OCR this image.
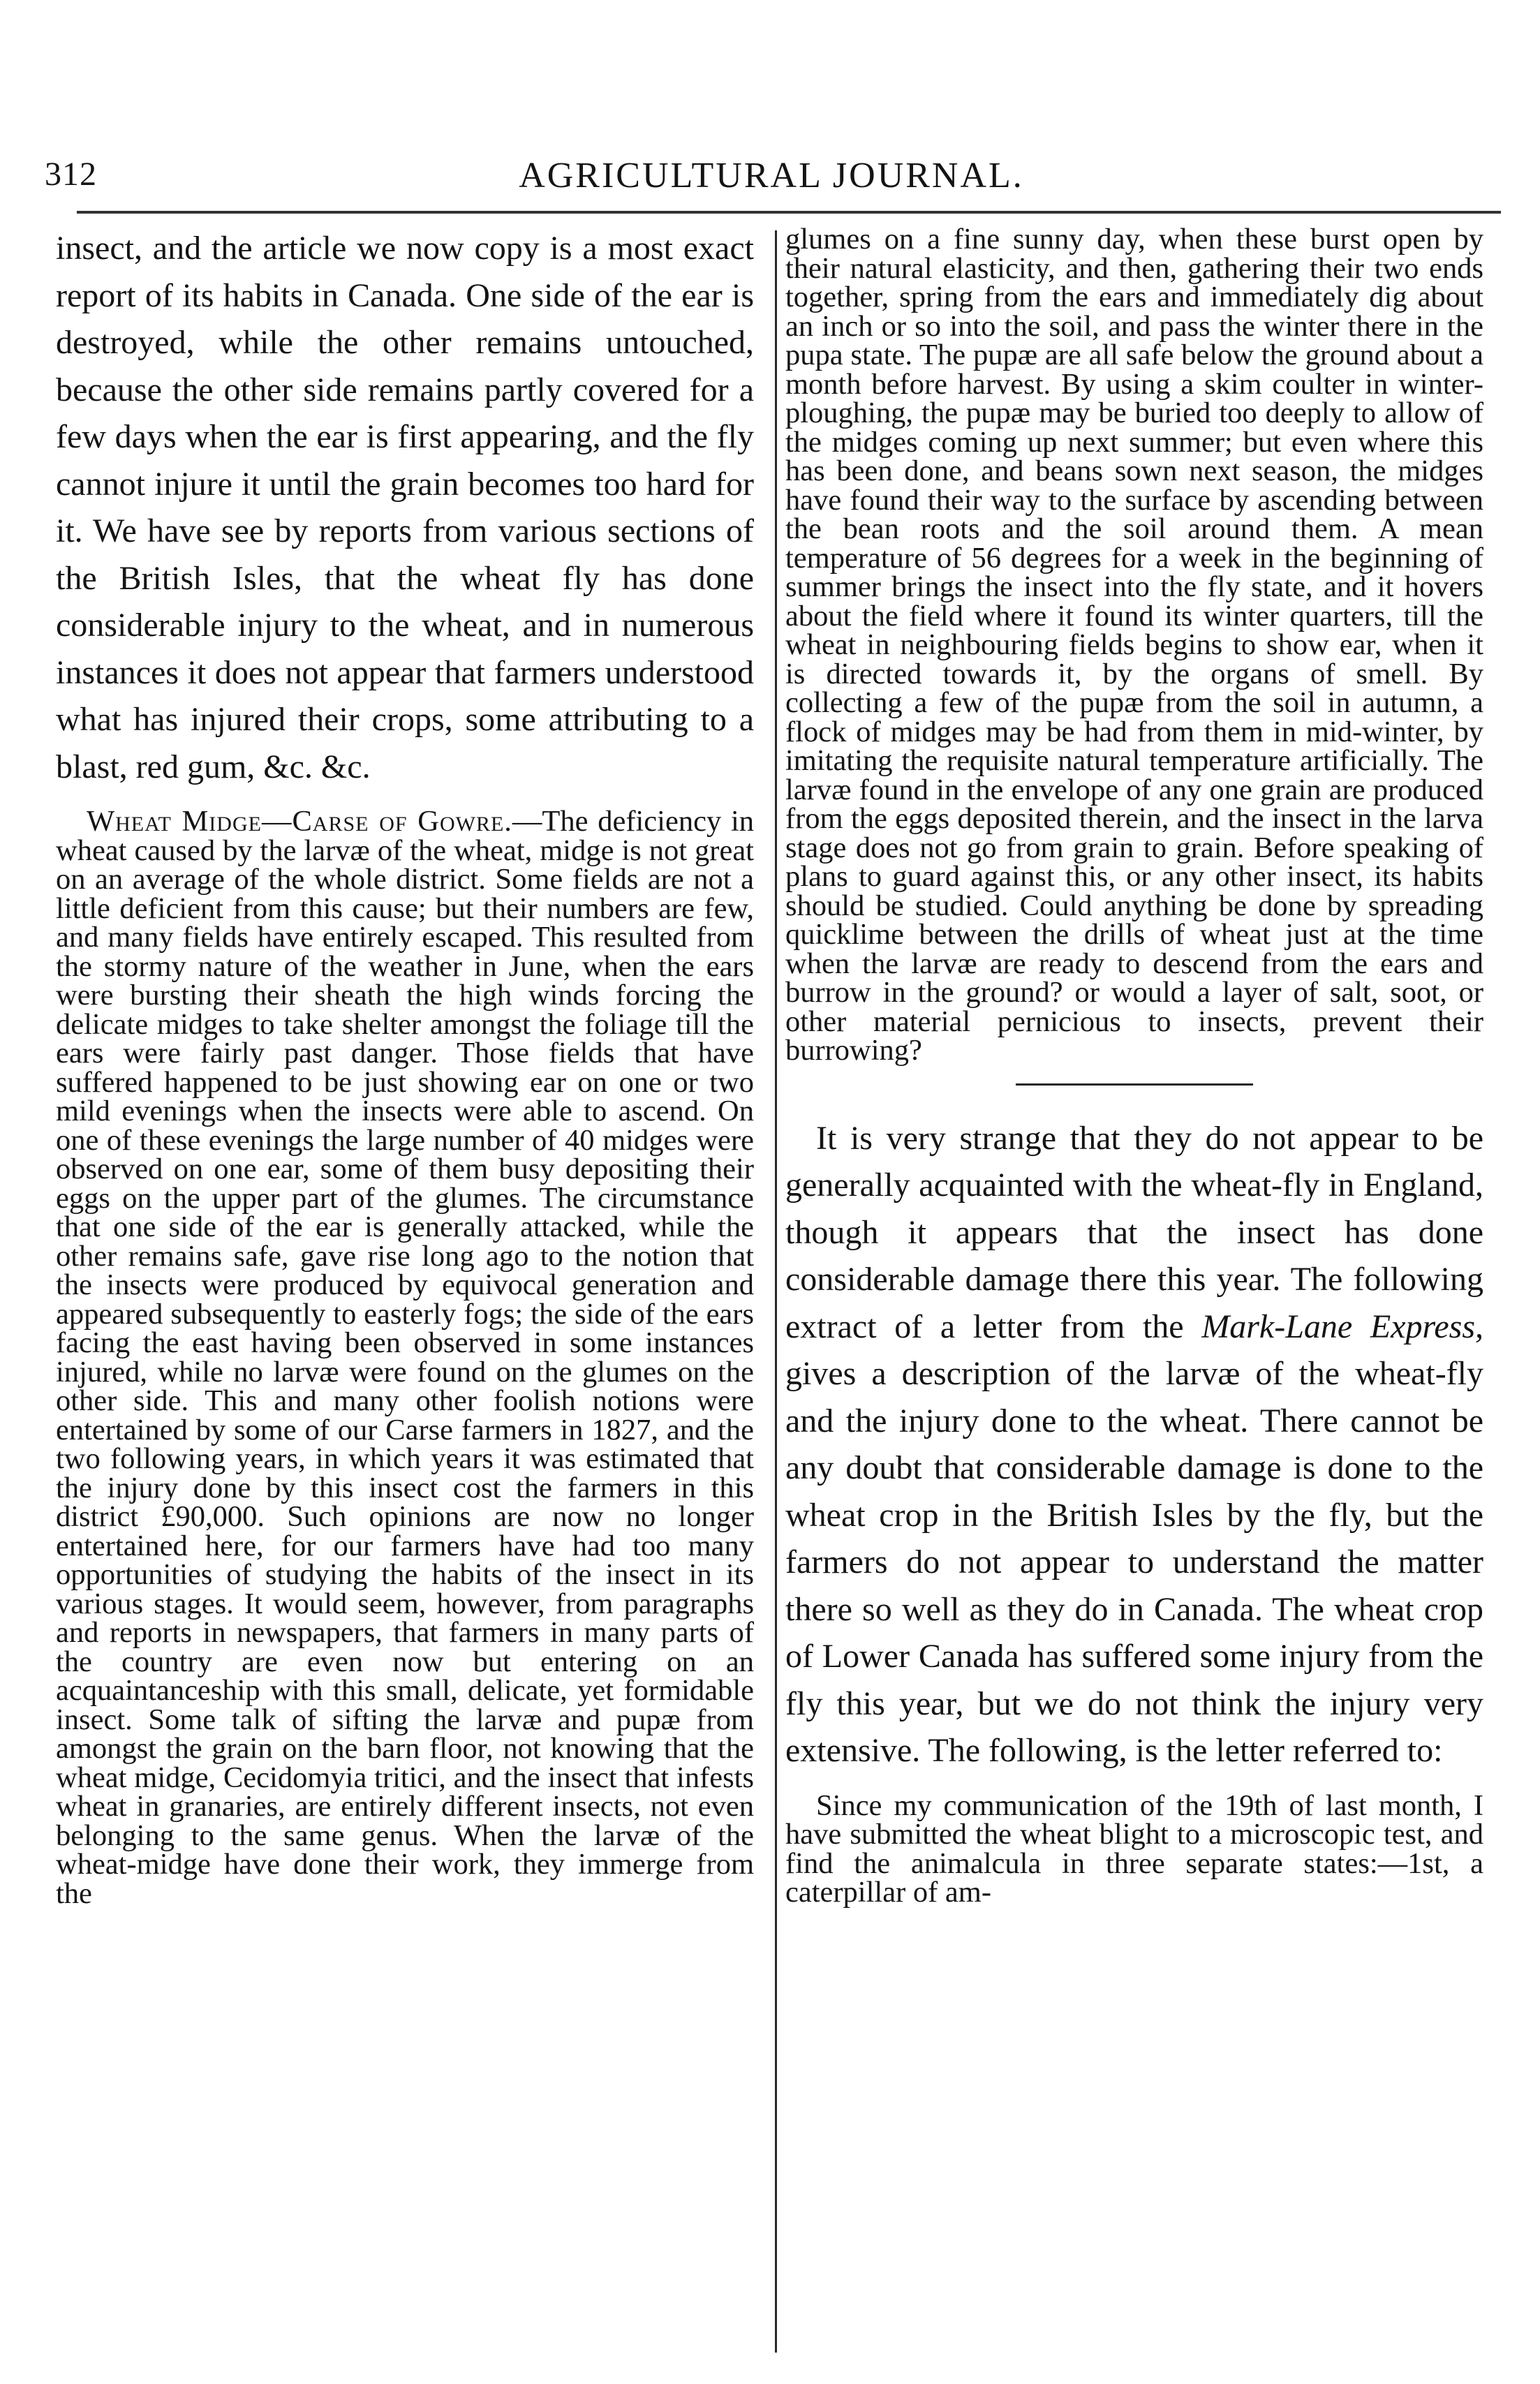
312	AGRICULTURAL JOURNAL.

insect, and the article we now copy is a most exact report of its habits in Canada. One side of the ear is destroyed, while the other remains untouched, because the other side remains partly covered for a few days when the ear is first appearing, and the fly cannot injure it until the grain becomes too hard for it. We have see by reports from various sections of the British Isles, that the wheat fly has done considerable injury to the wheat, and in numerous instances it does not appear that farmers understood what has injured their crops, some attributing to a blast, red gum, &c. &c.

Wheat Midge—Carse of Gowre.—The deficiency in wheat caused by the larvæ of the wheat, midge is not great on an average of the whole district. Some fields are not a little deficient from this cause; but their numbers are few, and many fields have entirely escaped. This resulted from the stormy nature of the weather in June, when the ears were bursting their sheath the high winds forcing the delicate midges to take shelter amongst the foliage till the ears were fairly past danger. Those fields that have suffered happened to be just showing ear on one or two mild evenings when the insects were able to ascend. On one of these evenings the large number of 40 midges were observed on one ear, some of them busy depositing their eggs on the upper part of the glumes. The circumstance that one side of the ear is generally attacked, while the other remains safe, gave rise long ago to the notion that the insects were produced by equivocal generation and appeared subsequently to easterly fogs; the side of the ears facing the east having been observed in some instances injured, while no larvæ were found on the glumes on the other side. This and many other foolish notions were entertained by some of our Carse farmers in 1827, and the two following years, in which years it was estimated that the injury done by this insect cost the farmers in this district £90,000. Such opinions are now no longer entertained here, for our farmers have had too many opportunities of studying the habits of the insect in its various stages. It would seem, however, from paragraphs and reports in newspapers, that farmers in many parts of the country are even now but entering on an acquaintanceship with this small, delicate, yet formidable insect. Some talk of sifting the larvæ and pupæ from amongst the grain on the barn floor, not knowing that the wheat midge, Cecidomyia tritici, and the insect that infests wheat in granaries, are entirely different insects, not even belonging to the same genus. When the larvæ of the wheat-midge have done their work, they immerge from the

glumes on a fine sunny day, when these burst open by their natural elasticity, and then, gathering their two ends together, spring from the ears and immediately dig about an inch or so into the soil, and pass the winter there in the pupa state. The pupæ are all safe below the ground about a month before harvest. By using a skim coulter in winter-ploughing, the pupæ may be buried too deeply to allow of the midges coming up next summer; but even where this has been done, and beans sown next season, the midges have found their way to the surface by ascending between the bean roots and the soil around them. A mean temperature of 56 degrees for a week in the beginning of summer brings the insect into the fly state, and it hovers about the field where it found its winter quarters, till the wheat in neighbouring fields begins to show ear, when it is directed towards it, by the organs of smell. By collecting a few of the pupæ from the soil in autumn, a flock of midges may be had from them in mid-winter, by imitating the requisite natural temperature artificially. The larvæ found in the envelope of any one grain are produced from the eggs deposited therein, and the insect in the larva stage does not go from grain to grain. Before speaking of plans to guard against this, or any other insect, its habits should be studied. Could anything be done by spreading quicklime between the drills of wheat just at the time when the larvæ are ready to descend from the ears and burrow in the ground? or would a layer of salt, soot, or other material pernicious to insects, prevent their burrowing?

It is very strange that they do not appear to be generally acquainted with the wheat-fly in England, though it appears that the insect has done considerable damage there this year. The following extract of a letter from the Mark-Lane Express, gives a description of the larvæ of the wheat-fly and the injury done to the wheat. There cannot be any doubt that considerable damage is done to the wheat crop in the British Isles by the fly, but the farmers do not appear to understand the matter there so well as they do in Canada. The wheat crop of Lower Canada has suffered some injury from the fly this year, but we do not think the injury very extensive. The following, is the letter referred to:

Since my communication of the 19th of last month, I have submitted the wheat blight to a microscopic test, and find the animalcula in three separate states:—1st, a caterpillar of am-
